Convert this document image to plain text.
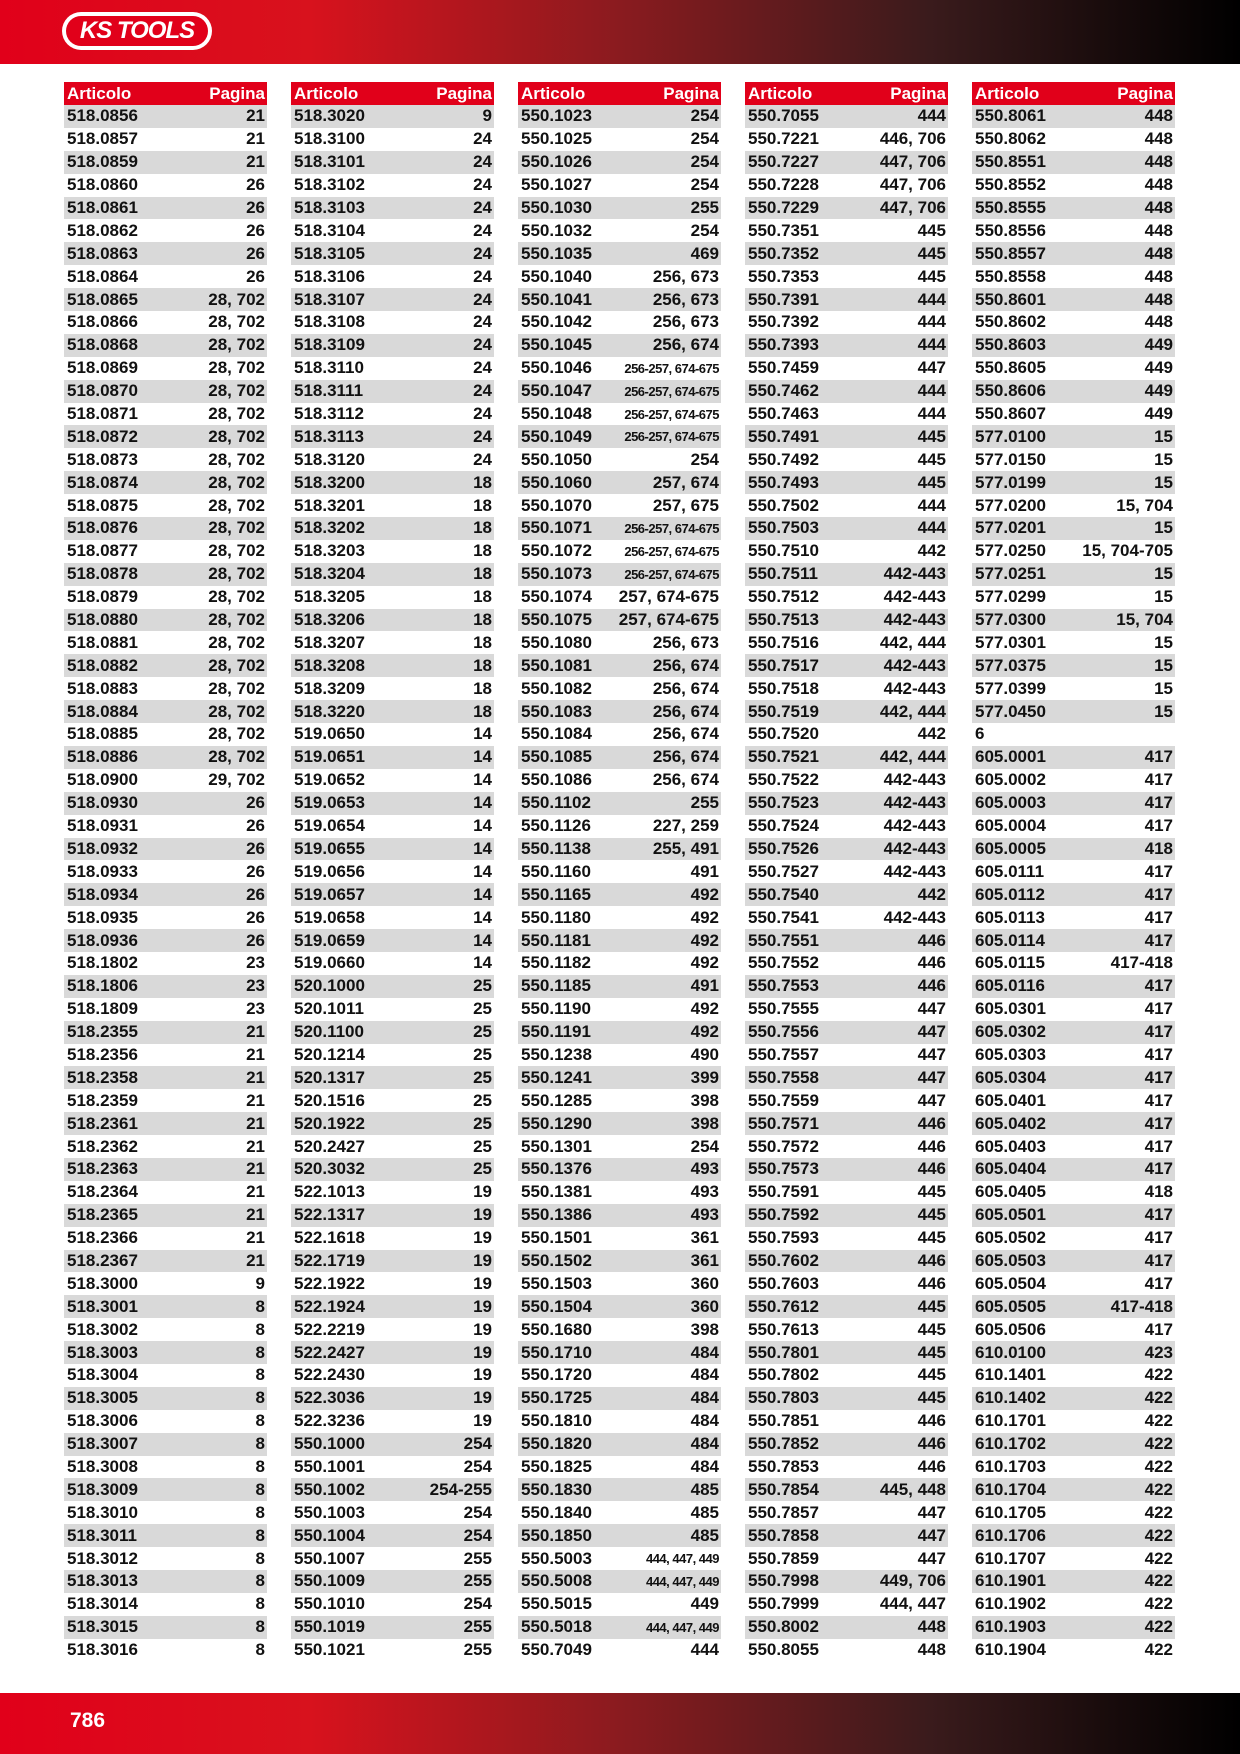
KS TOOLS
Articolo	Pagina
518.0856	21
518.0857	21
518.0859	21
518.0860	26
518.0861	26
518.0862	26
518.0863	26
518.0864	26
518.0865	28, 702
518.0866	28, 702
518.0868	28, 702
518.0869	28, 702
518.0870	28, 702
518.0871	28, 702
518.0872	28, 702
518.0873	28, 702
518.0874	28, 702
518.0875	28, 702
518.0876	28, 702
518.0877	28, 702
518.0878	28, 702
518.0879	28, 702
518.0880	28, 702
518.0881	28, 702
518.0882	28, 702
518.0883	28, 702
518.0884	28, 702
518.0885	28, 702
518.0886	28, 702
518.0900	29, 702
518.0930	26
518.0931	26
518.0932	26
518.0933	26
518.0934	26
518.0935	26
518.0936	26
518.1802	23
518.1806	23
518.1809	23
518.2355	21
518.2356	21
518.2358	21
518.2359	21
518.2361	21
518.2362	21
518.2363	21
518.2364	21
518.2365	21
518.2366	21
518.2367	21
518.3000	9
518.3001	8
518.3002	8
518.3003	8
518.3004	8
518.3005	8
518.3006	8
518.3007	8
518.3008	8
518.3009	8
518.3010	8
518.3011	8
518.3012	8
518.3013	8
518.3014	8
518.3015	8
518.3016	8
Articolo	Pagina
518.3020	9
518.3100	24
518.3101	24
518.3102	24
518.3103	24
518.3104	24
518.3105	24
518.3106	24
518.3107	24
518.3108	24
518.3109	24
518.3110	24
518.3111	24
518.3112	24
518.3113	24
518.3120	24
518.3200	18
518.3201	18
518.3202	18
518.3203	18
518.3204	18
518.3205	18
518.3206	18
518.3207	18
518.3208	18
518.3209	18
518.3220	18
519.0650	14
519.0651	14
519.0652	14
519.0653	14
519.0654	14
519.0655	14
519.0656	14
519.0657	14
519.0658	14
519.0659	14
519.0660	14
520.1000	25
520.1011	25
520.1100	25
520.1214	25
520.1317	25
520.1516	25
520.1922	25
520.2427	25
520.3032	25
522.1013	19
522.1317	19
522.1618	19
522.1719	19
522.1922	19
522.1924	19
522.2219	19
522.2427	19
522.2430	19
522.3036	19
522.3236	19
550.1000	254
550.1001	254
550.1002	254-255
550.1003	254
550.1004	254
550.1007	255
550.1009	255
550.1010	254
550.1019	255
550.1021	255
Articolo	Pagina
550.1023	254
550.1025	254
550.1026	254
550.1027	254
550.1030	255
550.1032	254
550.1035	469
550.1040	256, 673
550.1041	256, 673
550.1042	256, 673
550.1045	256, 674
550.1046 256-257, 674-675
550.1047 256-257, 674-675
550.1048 256-257, 674-675
550.1049 256-257, 674-675
550.1050	254
550.1060	257, 674
550.1070	257, 675
550.1071 256-257, 674-675
550.1072 256-257, 674-675
550.1073 256-257, 674-675
550.1074 257, 674-675
550.1075 257, 674-675
550.1080	256, 673
550.1081	256, 674
550.1082	256, 674
550.1083	256, 674
550.1084	256, 674
550.1085	256, 674
550.1086	256, 674
550.1102	255
550.1126	227, 259
550.1138	255, 491
550.1160	491
550.1165	492
550.1180	492
550.1181	492
550.1182	492
550.1185	491
550.1190	492
550.1191	492
550.1238	490
550.1241	399
550.1285	398
550.1290	398
550.1301	254
550.1376	493
550.1381	493
550.1386	493
550.1501	361
550.1502	361
550.1503	360
550.1504	360
550.1680	398
550.1710	484
550.1720	484
550.1725	484
550.1810	484
550.1820	484
550.1825	484
550.1830	485
550.1840	485
550.1850	485
550.5003	444, 447, 449
550.5008	444, 447, 449
550.5015	449
550.5018	444, 447, 449
550.7049	444
Articolo	Pagina
550.7055	444
550.7221	446, 706
550.7227	447, 706
550.7228	447, 706
550.7229	447, 706
550.7351	445
550.7352	445
550.7353	445
550.7391	444
550.7392	444
550.7393	444
550.7459	447
550.7462	444
550.7463	444
550.7491	445
550.7492	445
550.7493	445
550.7502	444
550.7503	444
550.7510	442
550.7511	442-443
550.7512	442-443
550.7513	442-443
550.7516	442, 444
550.7517	442-443
550.7518	442-443
550.7519	442, 444
550.7520	442
550.7521	442, 444
550.7522	442-443
550.7523	442-443
550.7524	442-443
550.7526	442-443
550.7527	442-443
550.7540	442
550.7541	442-443
550.7551	446
550.7552	446
550.7553	446
550.7555	447
550.7556	447
550.7557	447
550.7558	447
550.7559	447
550.7571	446
550.7572	446
550.7573	446
550.7591	445
550.7592	445
550.7593	445
550.7602	446
550.7603	446
550.7612	445
550.7613	445
550.7801	445
550.7802	445
550.7803	445
550.7851	446
550.7852	446
550.7853	446
550.7854	445, 448
550.7857	447
550.7858	447
550.7859	447
550.7998	449, 706
550.7999	444, 447
550.8002	448
550.8055	448
Articolo	Pagina
550.8061	448
550.8062	448
550.8551	448
550.8552	448
550.8555	448
550.8556	448
550.8557	448
550.8558	448
550.8601	448
550.8602	448
550.8603	449
550.8605	449
550.8606	449
550.8607	449
577.0100	15
577.0150	15
577.0199	15
577.0200	15, 704
577.0201	15
577.0250 15, 704-705
577.0251	15
577.0299	15
577.0300	15, 704
577.0301	15
577.0375	15
577.0399	15
577.0450	15
6
605.0001	417
605.0002	417
605.0003	417
605.0004	417
605.0005	418
605.0111	417
605.0112	417
605.0113	417
605.0114	417
605.0115	417-418
605.0116	417
605.0301	417
605.0302	417
605.0303	417
605.0304	417
605.0401	417
605.0402	417
605.0403	417
605.0404	417
605.0405	418
605.0501	417
605.0502	417
605.0503	417
605.0504	417
605.0505	417-418
605.0506	417
610.0100	423
610.1401	422
610.1402	422
610.1701	422
610.1702	422
610.1703	422
610.1704	422
610.1705	422
610.1706	422
610.1707	422
610.1901	422
610.1902	422
610.1903	422
610.1904	422
786
